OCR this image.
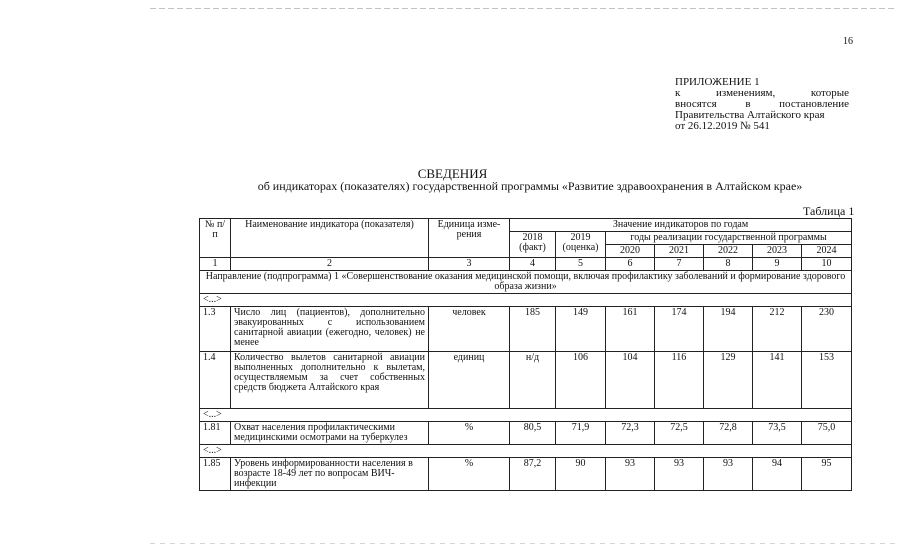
16
ПРИЛОЖЕНИЕ 1
к изменениям, которые
вносятся в постановление
Правительства Алтайского края
от 26.12.2019 № 541
СВЕДЕНИЯ
об индикаторах (показателях) государственной программы «Развитие здравоохранения в Алтайском крае»
Таблица 1
№ п/п	Наименование индикатора (показателя)	Единица изме-рения	Значение индикаторов по годам						
			2018 (факт)	2019 (оценка)	годы реализации государственной программы				
					2020	2021	2022	2023	2024
1	2	3	4	5	6	7	8	9	10
Направление (подпрограмма) 1 «Совершенствование оказания медицинской помощи, включая профилактику заболеваний и формирование здорового образа жизни»									
<...>									
1.3	Число лиц (пациентов), дополнительно эвакуированных с использованием санитарной авиации (ежегодно, человек) не менее	человек	185	149	161	174	194	212	230
1.4	Количество вылетов санитарной авиации выполненных дополнительно к вылетам, осуществляемым за счет собственных средств бюджета Алтайского края	единиц	н/д	106	104	116	129	141	153
<...>									
1.81	Охват населения профилактическими медицинскими осмотрами на туберкулез	%	80,5	71,9	72,3	72,5	72,8	73,5	75,0
<...>									
1.85	Уровень информированности населения в возрасте 18-49 лет по вопросам ВИЧ-инфекции	%	87,2	90	93	93	93	94	95
